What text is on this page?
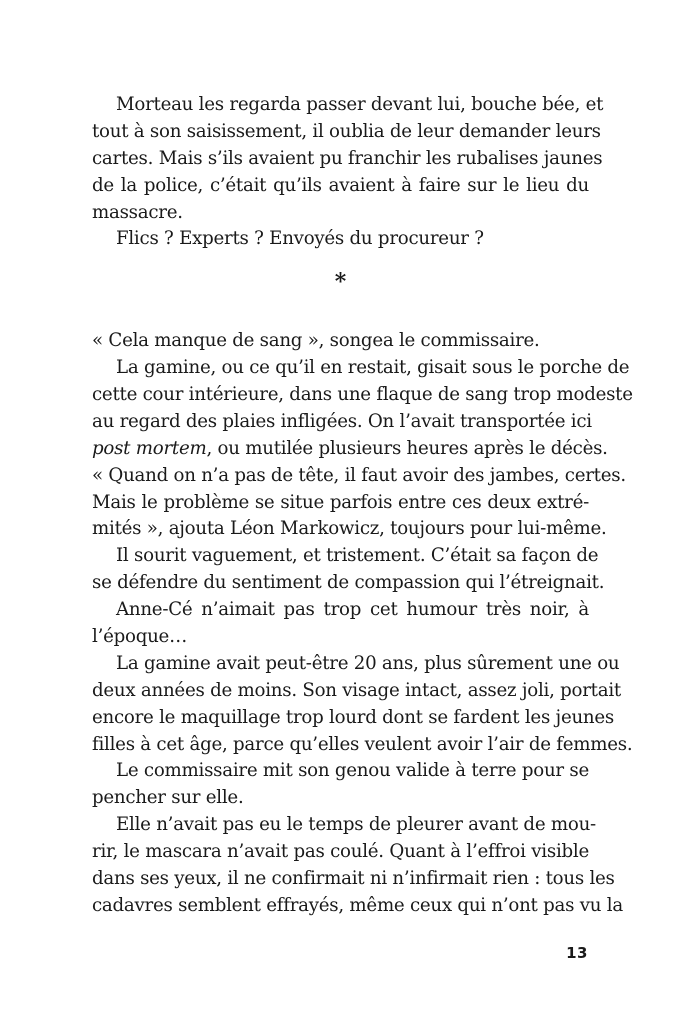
Morteau les regarda passer devant lui, bouche bée, et
tout à son saisissement, il oublia de leur demander leurs
cartes. Mais s’ils avaient pu franchir les rubalises jaunes
de la police, c’était qu’ils avaient à faire sur le lieu du
massacre.
Flics ? Experts ? Envoyés du procureur ?
*
« Cela manque de sang », songea le commissaire.
La gamine, ou ce qu’il en restait, gisait sous le porche de
cette cour intérieure, dans une flaque de sang trop modeste
au regard des plaies infligées. On l’avait transportée ici
post mortem, ou mutilée plusieurs heures après le décès.
« Quand on n’a pas de tête, il faut avoir des jambes, certes.
Mais le problème se situe parfois entre ces deux extré-
mités », ajouta Léon Markowicz, toujours pour lui-même.
Il sourit vaguement, et tristement. C’était sa façon de
se défendre du sentiment de compassion qui l’étreignait.
Anne-Cé n’aimait pas trop cet humour très noir, à
l’époque…
La gamine avait peut-être 20 ans, plus sûrement une ou
deux années de moins. Son visage intact, assez joli, portait
encore le maquillage trop lourd dont se fardent les jeunes
filles à cet âge, parce qu’elles veulent avoir l’air de femmes.
Le commissaire mit son genou valide à terre pour se
pencher sur elle.
Elle n’avait pas eu le temps de pleurer avant de mou-
rir, le mascara n’avait pas coulé. Quant à l’effroi visible
dans ses yeux, il ne confirmait ni n’infirmait rien : tous les
cadavres semblent effrayés, même ceux qui n’ont pas vu la
13
